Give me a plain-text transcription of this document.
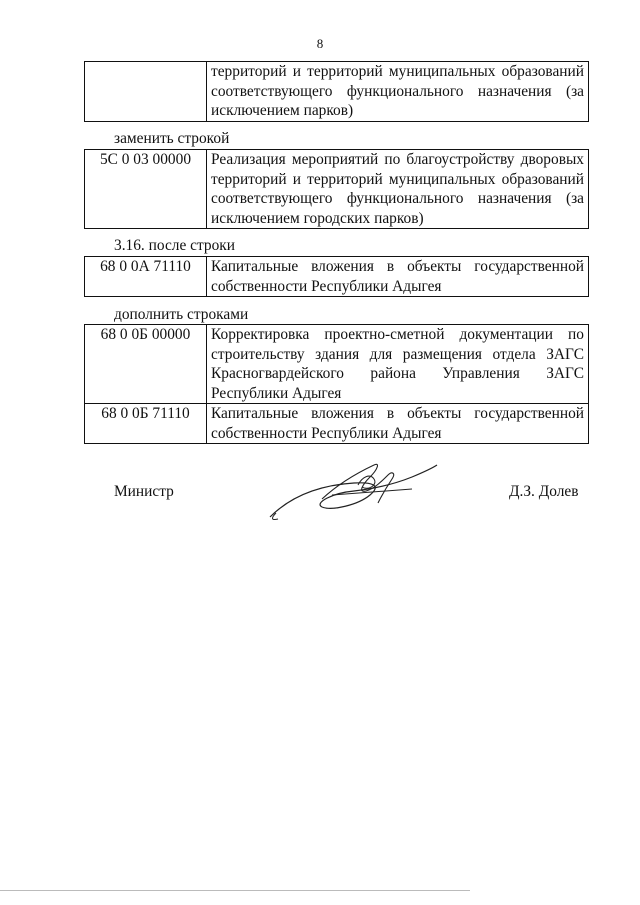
8

территорий и территорий муниципальных образований
соответствующего функционального назначения (за
исключением парков)
заменить строкой
5С 0 03 00000	Реализация мероприятий по благоустройству дворовых
территорий и территорий муниципальных образований
соответствующего функционального назначения (за
исключением городских парков)
3.16. после строки
68 0 0А 71110	Капитальные вложения в объекты государственной
собственности Республики Адыгея
дополнить строками
68 0 0Б 00000	Корректировка проектно-сметной документации по
строительству здания для размещения отдела ЗАГС
Красногвардейского района Управления ЗАГС
Республики Адыгея

68 0 0Б 71110	Капитальные вложения в объекты государственной
собственности Республики Адыгея
Министр	Д.З. Долев
